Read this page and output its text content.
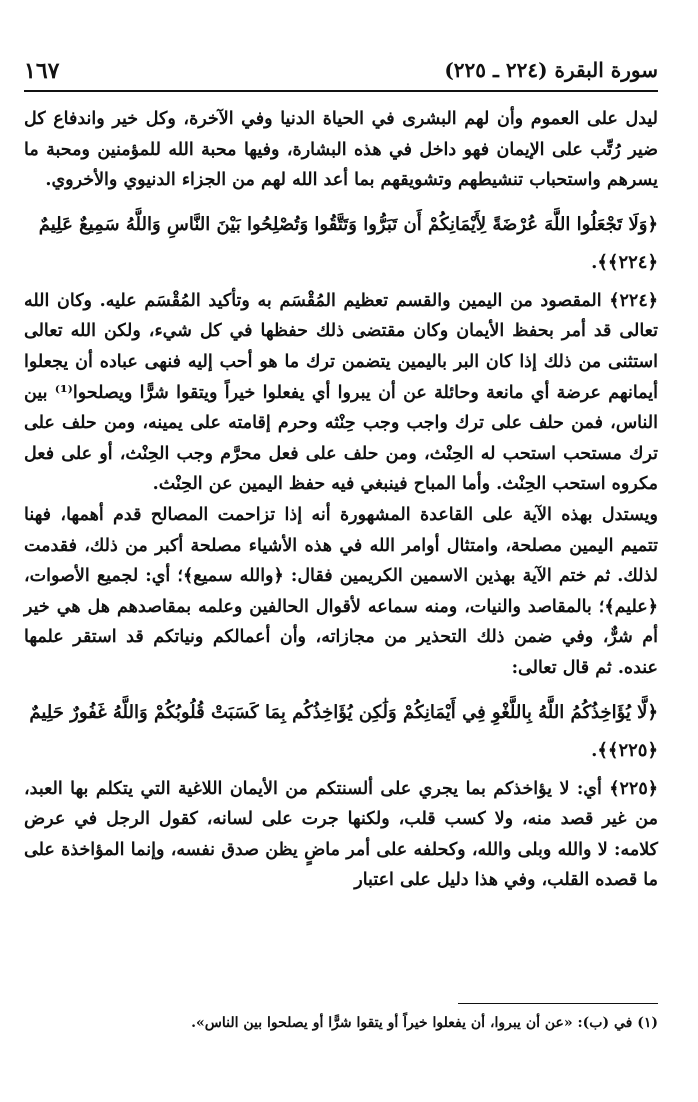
سورة البقرة (٢٢٤ ـ ٢٢٥)
١٦٧

ليدل على العموم وأن لهم البشرى في الحياة الدنيا وفي الآخرة، وكل خير واندفاع كل ضير رُتِّب على الإيمان فهو داخل في هذه البشارة، وفيها محبة الله للمؤمنين ومحبة ما يسرهم واستحباب تنشيطهم وتشويقهم بما أعد الله لهم من الجزاء الدنيوي والأخروي.

﴿وَلَا تَجْعَلُوا اللَّهَ عُرْضَةً لِأَيْمَانِكُمْ أَن تَبَرُّوا وَتَتَّقُوا وَتُصْلِحُوا بَيْنَ النَّاسِ وَاللَّهُ سَمِيعٌ عَلِيمٌ ﴿٢٢٤﴾﴾.

﴿٢٢٤﴾ المقصود من اليمين والقسم تعظيم المُقْسَم به وتأكيد المُقْسَم عليه. وكان الله تعالى قد أمر بحفظ الأيمان وكان مقتضى ذلك حفظها في كل شيء، ولكن الله تعالى استثنى من ذلك إذا كان البر باليمين يتضمن ترك ما هو أحب إليه فنهى عباده أن يجعلوا أيمانهم عرضة أي مانعة وحائلة عن أن يبروا أي يفعلوا خيراً ويتقوا شرًّا ويصلحوا⁽¹⁾ بين الناس، فمن حلف على ترك واجب وجب حِنْثه وحرم إقامته على يمينه، ومن حلف على ترك مستحب استحب له الحِنْث، ومن حلف على فعل محرَّم وجب الحِنْث، أو على فعل مكروه استحب الحِنْث. وأما المباح فينبغي فيه حفظ اليمين عن الحِنْث.

ويستدل بهذه الآية على القاعدة المشهورة أنه إذا تزاحمت المصالح قدم أهمها، فهنا تتميم اليمين مصلحة، وامتثال أوامر الله في هذه الأشياء مصلحة أكبر من ذلك، فقدمت لذلك. ثم ختم الآية بهذين الاسمين الكريمين فقال: ﴿والله سميع﴾؛ أي: لجميع الأصوات، ﴿عليم﴾؛ بالمقاصد والنيات، ومنه سماعه لأقوال الحالفين وعلمه بمقاصدهم هل هي خير أم شرٌّ، وفي ضمن ذلك التحذير من مجازاته، وأن أعمالكم ونياتكم قد استقر علمها عنده. ثم قال تعالى:

﴿لَّا يُؤَاخِذُكُمُ اللَّهُ بِاللَّغْوِ فِي أَيْمَانِكُمْ وَلَٰكِن يُؤَاخِذُكُم بِمَا كَسَبَتْ قُلُوبُكُمْ وَاللَّهُ غَفُورٌ حَلِيمٌ ﴿٢٢٥﴾﴾.

﴿٢٢٥﴾ أي: لا يؤاخذكم بما يجري على ألسنتكم من الأيمان اللاغية التي يتكلم بها العبد، من غير قصد منه، ولا كسب قلب، ولكنها جرت على لسانه، كقول الرجل في عرض كلامه: لا والله وبلى والله، وكحلفه على أمر ماضٍ يظن صدق نفسه، وإنما المؤاخذة على ما قصده القلب، وفي هذا دليل على اعتبار

(١) في (ب): «عن أن يبروا، أن يفعلوا خيراً أو يتقوا شرًّا أو يصلحوا بين الناس».
